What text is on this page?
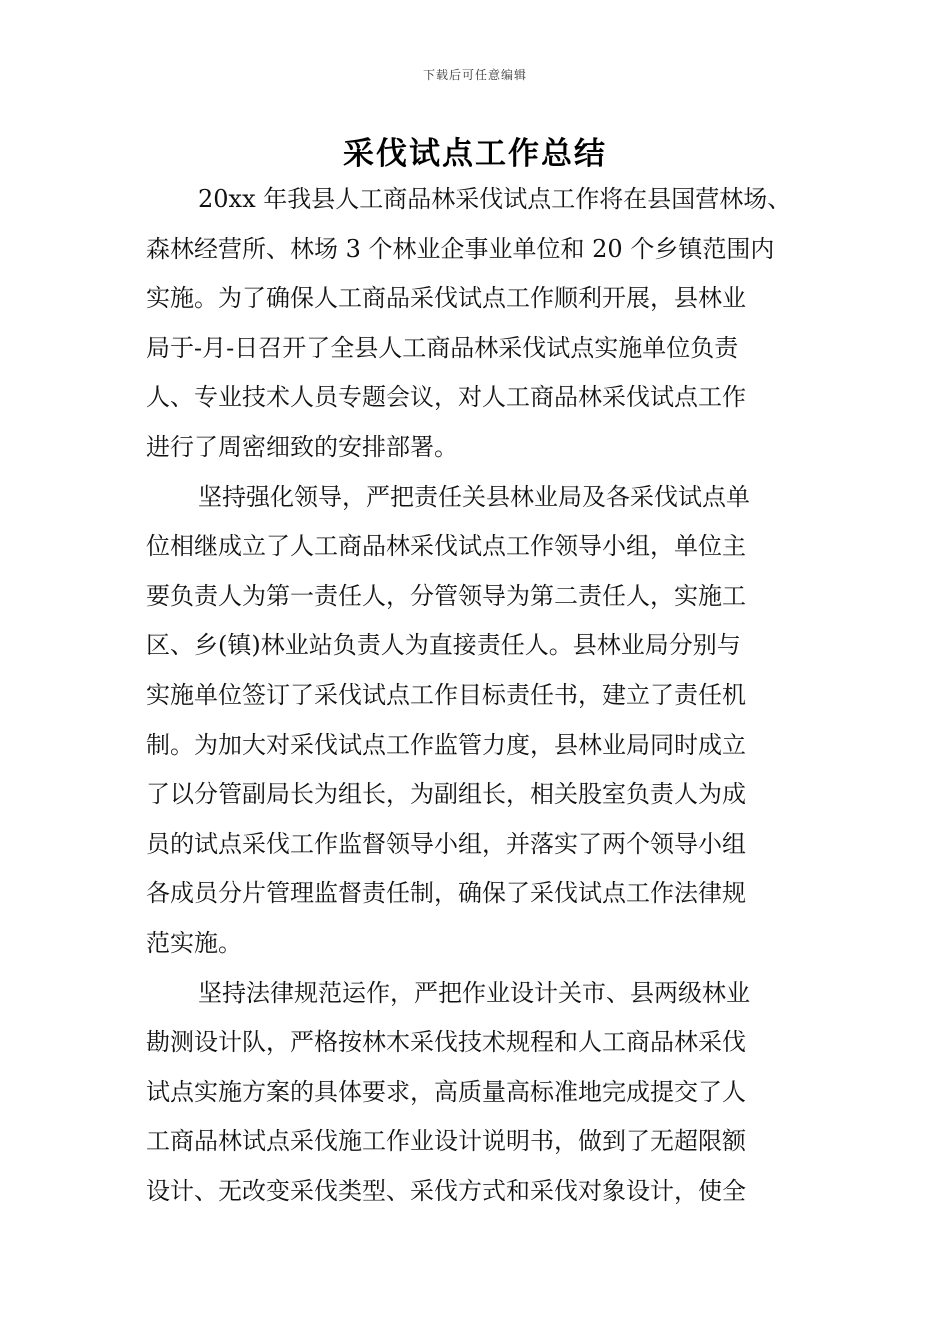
下载后可任意编辑
采伐试点工作总结
20xx 年我县人工商品林采伐试点工作将在县国营林场、
森林经营所、林场 3 个林业企事业单位和 20 个乡镇范围内
实施。为了确保人工商品采伐试点工作顺利开展，县林业
局于-月-日召开了全县人工商品林采伐试点实施单位负责
人、专业技术人员专题会议，对人工商品林采伐试点工作
进行了周密细致的安排部署。
坚持强化领导，严把责任关县林业局及各采伐试点单
位相继成立了人工商品林采伐试点工作领导小组，单位主
要负责人为第一责任人，分管领导为第二责任人，实施工
区、乡(镇)林业站负责人为直接责任人。县林业局分别与
实施单位签订了采伐试点工作目标责任书，建立了责任机
制。为加大对采伐试点工作监管力度，县林业局同时成立
了以分管副局长为组长，为副组长，相关股室负责人为成
员的试点采伐工作监督领导小组，并落实了两个领导小组
各成员分片管理监督责任制，确保了采伐试点工作法律规
范实施。
坚持法律规范运作，严把作业设计关市、县两级林业
勘测设计队，严格按林木采伐技术规程和人工商品林采伐
试点实施方案的具体要求，高质量高标准地完成提交了人
工商品林试点采伐施工作业设计说明书，做到了无超限额
设计、无改变采伐类型、采伐方式和采伐对象设计，使全
